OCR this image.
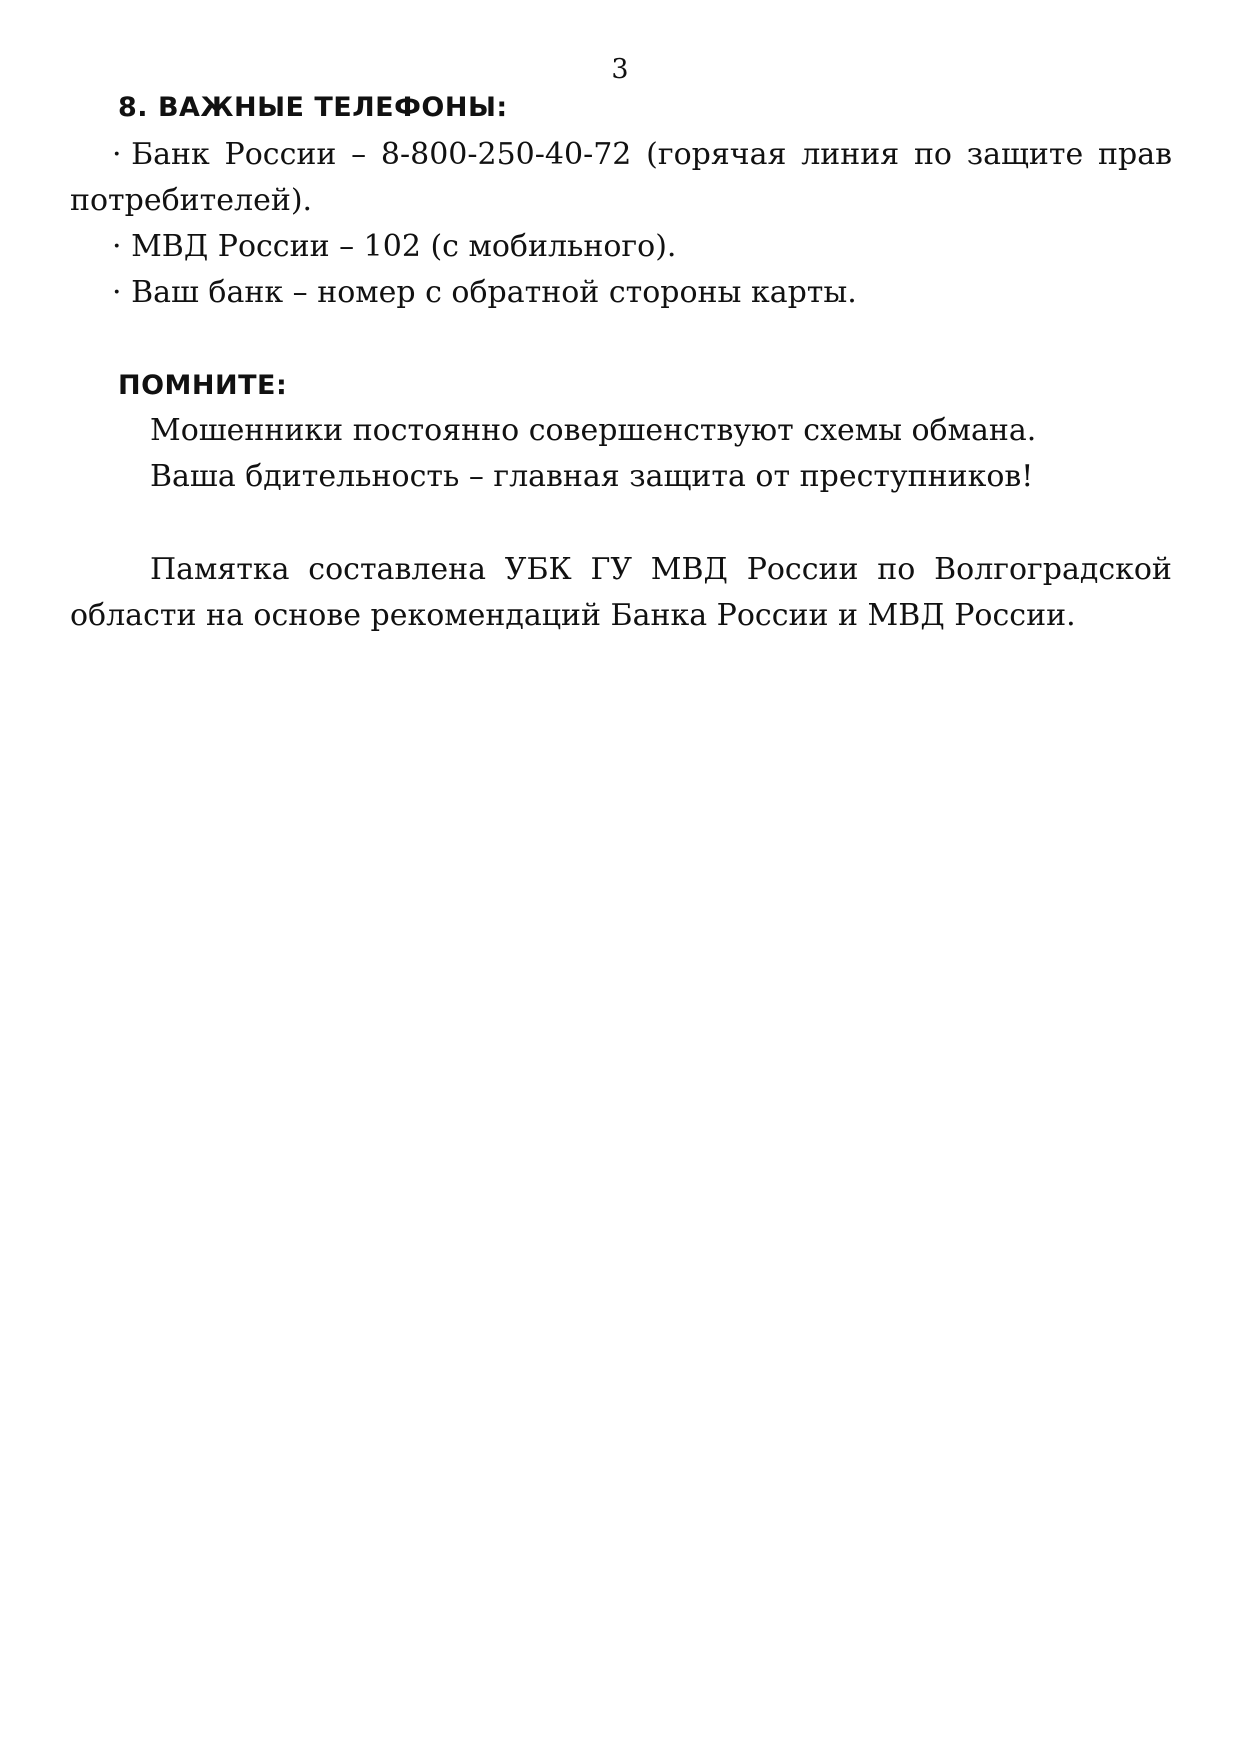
3
8. ВАЖНЫЕ ТЕЛЕФОНЫ:
· Банк России – 8-800-250-40-72 (горячая линия по защите прав
потребителей).
· МВД России – 102 (с мобильного).
· Ваш банк – номер с обратной стороны карты.
ПОМНИТЕ:
Мошенники постоянно совершенствуют схемы обмана.
Ваша бдительность – главная защита от преступников!
Памятка составлена УБК ГУ МВД России по Волгоградской
области на основе рекомендаций Банка России и МВД России.
